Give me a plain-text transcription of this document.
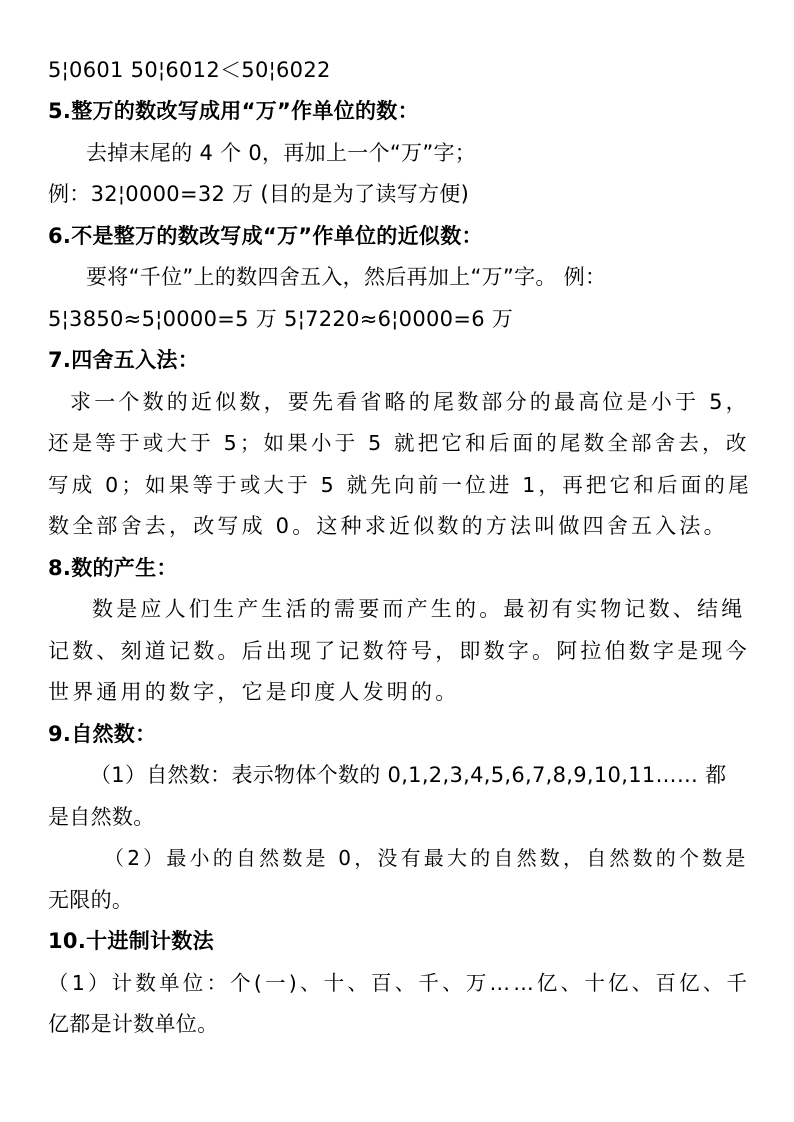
5¦0601 50¦6012＜50¦6022
5.整万的数改写成用“万”作单位的数：
去掉末尾的 4 个 0，再加上一个“万”字；
例：32¦0000=32 万 (目的是为了读写方便)
6.不是整万的数改写成“万”作单位的近似数：
要将“千位”上的数四舍五入，然后再加上“万”字。 例：
5¦3850≈5¦0000=5 万 5¦7220≈6¦0000=6 万
7.四舍五入法：
求一个数的近似数，要先看省略的尾数部分的最高位是小于 5，
还是等于或大于 5；如果小于 5 就把它和后面的尾数全部舍去，改
写成 0；如果等于或大于 5 就先向前一位进 1，再把它和后面的尾
数全部舍去，改写成 0。这种求近似数的方法叫做四舍五入法。
8.数的产生：
数是应人们生产生活的需要而产生的。最初有实物记数、结绳
记数、刻道记数。后出现了记数符号，即数字。阿拉伯数字是现今
世界通用的数字，它是印度人发明的。
9.自然数：
（1）自然数：表示物体个数的 0,1,2,3,4,5,6,7,8,9,10,11…… 都
是自然数。
（2）最小的自然数是 0，没有最大的自然数，自然数的个数是
无限的。
10.十进制计数法
（1）计数单位：个(一)、十、百、千、万……亿、十亿、百亿、千
亿都是计数单位。
